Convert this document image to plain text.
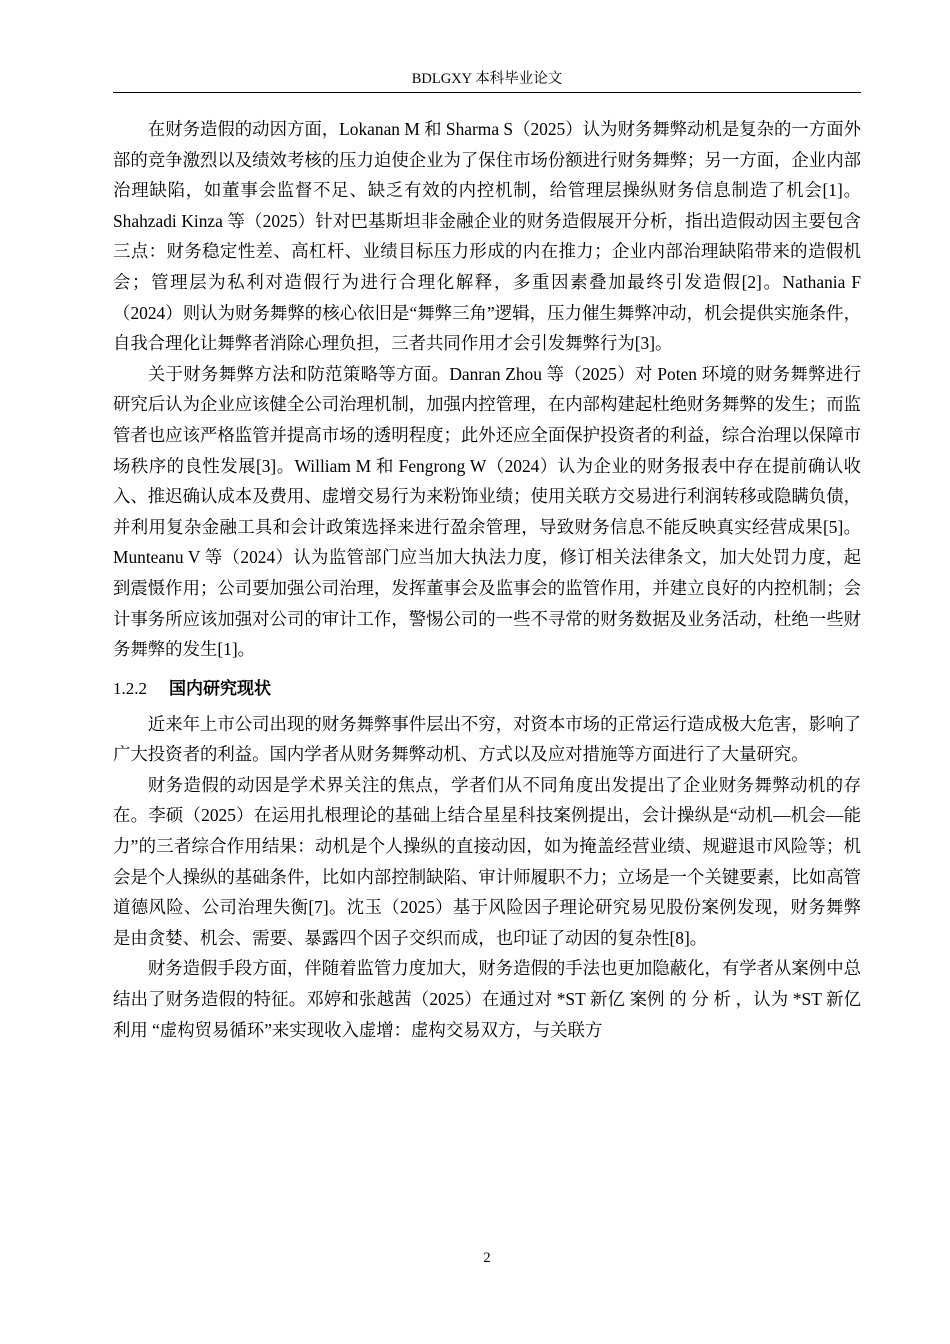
BDLGXY 本科毕业论文

在财务造假的动因方面，Lokanan M 和 Sharma S（2025）认为财务舞弊动机是复杂的一方面外部的竞争激烈以及绩效考核的压力迫使企业为了保住市场份额进行财务舞弊；另一方面，企业内部治理缺陷，如董事会监督不足、缺乏有效的内控机制，给管理层操纵财务信息制造了机会[1]。Shahzadi Kinza 等（2025）针对巴基斯坦非金融企业的财务造假展开分析，指出造假动因主要包含三点：财务稳定性差、高杠杆、业绩目标压力形成的内在推力；企业内部治理缺陷带来的造假机会；管理层为私利对造假行为进行合理化解释，多重因素叠加最终引发造假[2]。Nathania F（2024）则认为财务舞弊的核心依旧是“舞弊三角”逻辑，压力催生舞弊冲动，机会提供实施条件，自我合理化让舞弊者消除心理负担，三者共同作用才会引发舞弊行为[3]。

关于财务舞弊方法和防范策略等方面。Danran Zhou 等（2025）对 Poten 环境的财务舞弊进行研究后认为企业应该健全公司治理机制，加强内控管理，在内部构建起杜绝财务舞弊的发生；而监管者也应该严格监管并提高市场的透明程度；此外还应全面保护投资者的利益，综合治理以保障市场秩序的良性发展[3]。William M 和 Fengrong W（2024）认为企业的财务报表中存在提前确认收入、推迟确认成本及费用、虚增交易行为来粉饰业绩；使用关联方交易进行利润转移或隐瞒负债，并利用复杂金融工具和会计政策选择来进行盈余管理，导致财务信息不能反映真实经营成果[5]。Munteanu V 等（2024）认为监管部门应当加大执法力度，修订相关法律条文，加大处罚力度，起到震慑作用；公司要加强公司治理，发挥董事会及监事会的监管作用，并建立良好的内控机制；会计事务所应该加强对公司的审计工作，警惕公司的一些不寻常的财务数据及业务活动，杜绝一些财务舞弊的发生[1]。

1.2.2 国内研究现状

近来年上市公司出现的财务舞弊事件层出不穷，对资本市场的正常运行造成极大危害，影响了广大投资者的利益。国内学者从财务舞弊动机、方式以及应对措施等方面进行了大量研究。

财务造假的动因是学术界关注的焦点，学者们从不同角度出发提出了企业财务舞弊动机的存在。李硕（2025）在运用扎根理论的基础上结合星星科技案例提出，会计操纵是“动机—机会—能力”的三者综合作用结果：动机是个人操纵的直接动因，如为掩盖经营业绩、规避退市风险等；机会是个人操纵的基础条件，比如内部控制缺陷、审计师履职不力；立场是一个关键要素，比如高管道德风险、公司治理失衡[7]。沈玉（2025）基于风险因子理论研究易见股份案例发现，财务舞弊是由贪婪、机会、需要、暴露四个因子交织而成，也印证了动因的复杂性[8]。

财务造假手段方面，伴随着监管力度加大，财务造假的手法也更加隐蔽化，有学者从案例中总结出了财务造假的特征。邓婷和张越茜（2025）在通过对 *ST 新亿 案例 的 分 析 ，认为 *ST 新亿 利用 “虚构贸易循环”来实现收入虚增：虚构交易双方，与关联方

2
